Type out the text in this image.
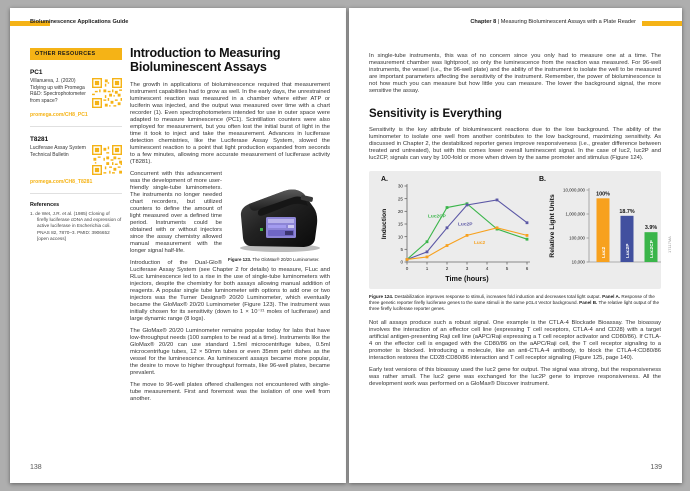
Bioluminescence Applications Guide
OTHER RESOURCES
PC1
Villanueva, J. (2020) Tidying up with Promega R&D: Spectrophotometer from space?
promega.com/CH8_PC1
T8281
Luciferase Assay System Technical Bulletin
promega.com/CH8_T8281
References
1. de Wet, J.R. et al. (1985) Cloning of firefly luciferase cDNA and expression of active luciferase in Escherichia coli. PNAS 82, 7870–3. PMID: 3906652 [open access]
Introduction to Measuring Bioluminescent Assays

The growth in applications of bioluminescence required that measurement instrument capabilities had to grow as well. In the early days, the unrestrained luminescent reaction was measured in a chamber where either ATP or luciferin was injected, and the output was measured over time with a chart recorder (1). Even spectrophotometers intended for use in outer space were adapted to measure luminescence (PC1). Scintillation counters were also employed for measurement, but you often lost the initial burst of light in the time it took to inject and take the measurement. Advances in luciferase detection chemistries, like the Luciferase Assay System, slowed the luminescent reaction to a point that light production expanded from seconds to a few minutes, allowing more accurate measurement of luciferase activity (T8281).

Figure 123. The GloMax® 20/20 Luminometer.

Concurrent with this advancement was the development of more user-friendly single-tube luminometers. The instruments no longer needed chart recorders, but utilized counters to define the amount of light measured over a defined time period. Instruments could be obtained with or without injectors since the assay chemistry allowed manual measurement with the longer signal half-life.

Introduction of the Dual-Glo® Luciferase Assay System (see Chapter 2 for details) to measure, FLuc and RLuc luminescence led to a rise in the use of single-tube luminometers with injectors, despite the chemistry for both assays allowing manual addition of reagents. A popular single tube luminometer with options to add one or two injectors was the Turner Designs® 20/20 Luminometer, which eventually became the GloMax® 20/20 Luminometer (Figure 123). The instrument was initially chosen for its sensitivity (down to 1 × 10⁻²¹ moles of luciferase) and large dynamic range (8 logs).

The GloMax® 20/20 Luminometer remains popular today for labs that have low-throughput needs (100 samples to be read at a time). Instruments like the GloMax® 20/20 can use standard 1.5ml microcentrifuge tubes, 0.5ml microcentrifuge tubes, 12 × 50mm tubes or even 35mm petri dishes as the vessel for the luminescence. As luminescent assays became more popular, the desire to move to higher throughput formats, like 96-well plates, became prevalent.

The move to 96-well plates offered challenges not encountered with single-tube measurement. First and foremost was the isolation of one well from another.

138
Chapter 8 | Measuring Bioluminescent Assays with a Plate Reader

In single-tube instruments, this was of no concern since you only had to measure one at a time. The measurement chamber was lightproof, so only the luminescence from the reaction was measured. For 96-well instruments, the vessel (i.e., the 96-well plate) and the ability of the instrument to isolate the well to be measured are important parameters affecting the sensitivity of the instrument. Remember, the power of bioluminescence is not how much you can measure but how little you can measure. The lower the background signal, the more sensitive the assay.

Sensitivity is Everything

Sensitivity is the key attribute of bioluminescent reactions due to the low background. The ability of the luminometer to isolate one well from another contributes to the low background, maximizing sensitivity. As discussed in Chapter 2, the destabilized reporter genes improve responsiveness (i.e., greater difference between treated and untreated), but with this comes lower overall luminescent signal. In the case of luc2, luc2P and luc2CP, signals can vary by 100-fold or more when driven by the same promoter and stimulus (Figure 124).

A.	B.
0
5
10
15
20
25
30
0	1	2	3	4	5	6
Luc2CP
Luc2P
Luc2
Induction
Time (hours)
10,000
100,000
1,000,000
10,000,000
100%
Luc2
18.7%
Luc2P
3.9%
Luc2CP
Relative Light Units	17117MA
Figure 124. Destabilization improves response to stimuli, increases fold induction and decreases total light output. Panel A. Response of the three genetic reporter firefly luciferase genes to the same stimuli in the same pGL4 Vector background. Panel B. The relative light output of the three firefly luciferase reporter genes.

Not all assays produce such a robust signal. One example is the CTLA-4 Blockade Bioassay. The bioassay involves the interaction of an effector cell line (expressing T cell receptors, CTLA-4 and CD28) with a target artificial antigen-presenting Raji cell line (aAPC/Raji expressing a T cell receptor activator and CD80/86). If CTLA-4 on the effector cell is engaged with the CD80/86 on the aAPC/Raji cell, the T cell receptor signaling to a promoter is blocked. Introducing a molecule, like an anti-CTLA-4 antibody, to block the CTLA-4:CD80/86 interaction restores the CD28:CD80/86 interaction and T cell receptor signaling (Figure 125, page 140).

Early test versions of this bioassay used the luc2 gene for output. The signal was strong, but the responsiveness was rather small. The luc2 gene was exchanged for the luc2P gene to improve responsiveness. All the development work was performed on a GloMax® Discover instrument.

139
